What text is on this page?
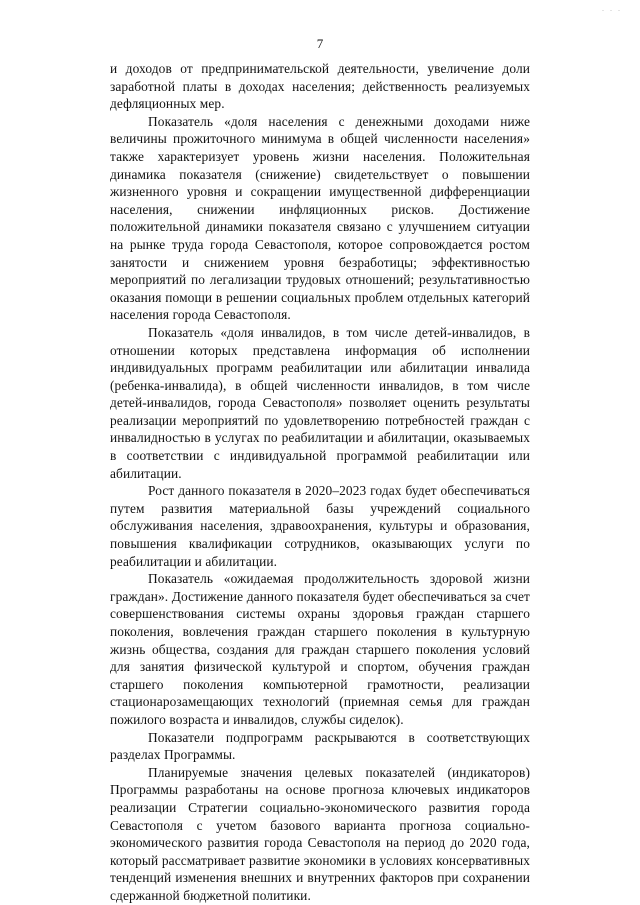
. . .
7

и доходов от предпринимательской деятельности, увеличение доли заработной платы в доходах населения; действенность реализуемых дефляционных мер.

Показатель «доля населения с денежными доходами ниже величины прожиточного минимума в общей численности населения» также характеризует уровень жизни населения. Положительная динамика показателя (снижение) свидетельствует о повышении жизненного уровня и сокращении имущественной дифференциации населения, снижении инфляционных рисков. Достижение положительной динамики показателя связано с улучшением ситуации на рынке труда города Севастополя, которое сопровождается ростом занятости и снижением уровня безработицы; эффективностью мероприятий по легализации трудовых отношений; результативностью оказания помощи в решении социальных проблем отдельных категорий населения города Севастополя.

Показатель «доля инвалидов, в том числе детей-инвалидов, в отношении которых представлена информация об исполнении индивидуальных программ реабилитации или абилитации инвалида (ребенка-инвалида), в общей численности инвалидов, в том числе детей-инвалидов, города Севастополя» позволяет оценить результаты реализации мероприятий по удовлетворению потребностей граждан с инвалидностью в услугах по реабилитации и абилитации, оказываемых в соответствии с индивидуальной программой реабилитации или абилитации.

Рост данного показателя в 2020–2023 годах будет обеспечиваться путем развития материальной базы учреждений социального обслуживания населения, здравоохранения, культуры и образования, повышения квалификации сотрудников, оказывающих услуги по реабилитации и абилитации.

Показатель «ожидаемая продолжительность здоровой жизни граждан». Достижение данного показателя будет обеспечиваться за счет совершенствования системы охраны здоровья граждан старшего поколения, вовлечения граждан старшего поколения в культурную жизнь общества, создания для граждан старшего поколения условий для занятия физической культурой и спортом, обучения граждан старшего поколения компьютерной грамотности, реализации стационарозамещающих технологий (приемная семья для граждан пожилого возраста и инвалидов, службы сиделок).

Показатели подпрограмм раскрываются в соответствующих разделах Программы.

Планируемые значения целевых показателей (индикаторов) Программы разработаны на основе прогноза ключевых индикаторов реализации Стратегии социально-экономического развития города Севастополя с учетом базового варианта прогноза социально-экономического развития города Севастополя на период до 2020 года, который рассматривает развитие экономики в условиях консервативных тенденций изменения внешних и внутренних факторов при сохранении сдержанной бюджетной политики.
